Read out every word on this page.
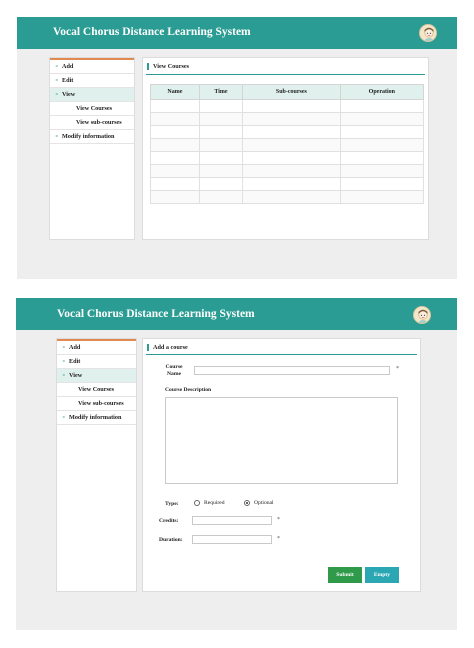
Vocal Chorus Distance Learning System
» Add
» Edit
» View
View Courses
View sub-courses
» Modify information
View Courses
Name	Time	Sub-courses	Operation

Vocal Chorus Distance Learning System
» Add
» Edit
» View
View Courses
View sub-courses
» Modify information
Add a course
Course Name
*
Course Description
Type:	Required	Optional
Credits:	*
Duration:	*
Submit	Empty
